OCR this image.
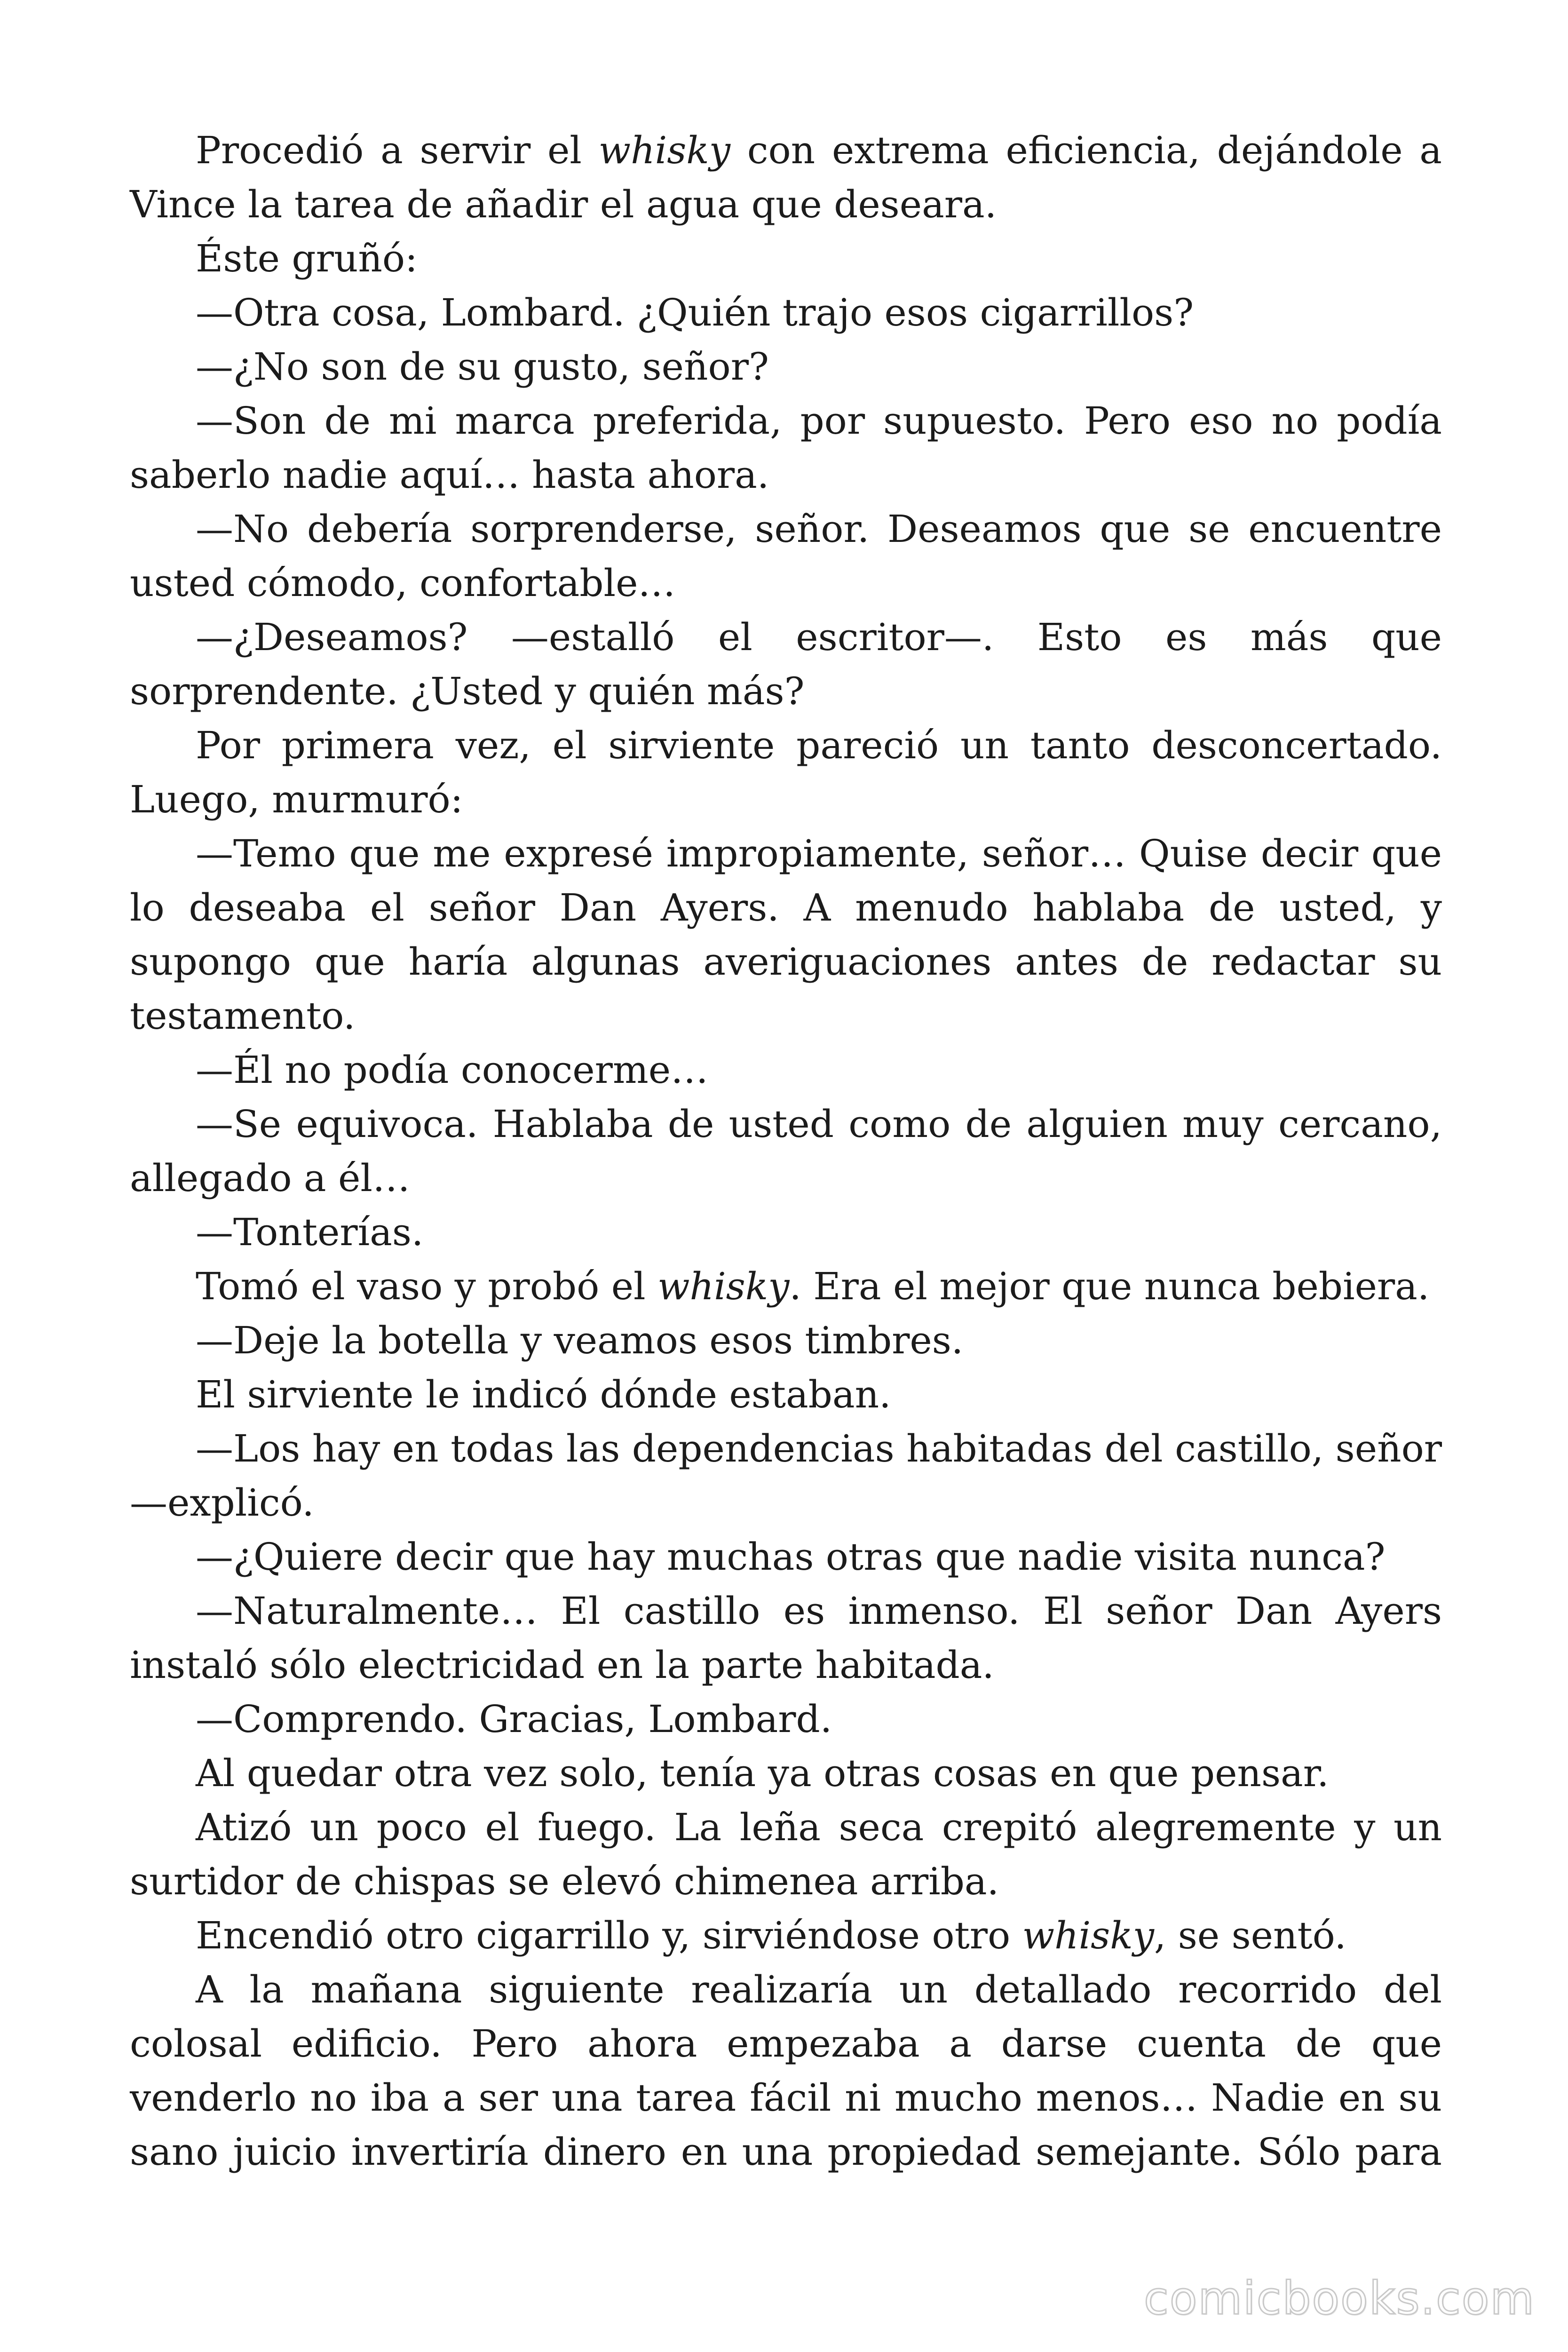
Procedió a servir el whisky con extrema eficiencia, dejándole a Vince la tarea de añadir el agua que deseara.

Éste gruñó:

—Otra cosa, Lombard. ¿Quién trajo esos cigarrillos?

—¿No son de su gusto, señor?

—Son de mi marca preferida, por supuesto. Pero eso no podía saberlo nadie aquí… hasta ahora.

—No debería sorprenderse, señor. Deseamos que se encuentre usted cómodo, confortable…

—¿Deseamos? —estalló el escritor—. Esto es más que sorprendente. ¿Usted y quién más?

Por primera vez, el sirviente pareció un tanto desconcertado. Luego, murmuró:

—Temo que me expresé impropiamente, señor… Quise decir que lo deseaba el señor Dan Ayers. A menudo hablaba de usted, y supongo que haría algunas averiguaciones antes de redactar su testamento.

—Él no podía conocerme…

—Se equivoca. Hablaba de usted como de alguien muy cercano, allegado a él…

—Tonterías.

Tomó el vaso y probó el whisky. Era el mejor que nunca bebiera.

—Deje la botella y veamos esos timbres.

El sirviente le indicó dónde estaban.

—Los hay en todas las dependencias habitadas del castillo, señor —explicó.

—¿Quiere decir que hay muchas otras que nadie visita nunca?

—Naturalmente… El castillo es inmenso. El señor Dan Ayers instaló sólo electricidad en la parte habitada.

—Comprendo. Gracias, Lombard.

Al quedar otra vez solo, tenía ya otras cosas en que pensar.

Atizó un poco el fuego. La leña seca crepitó alegremente y un surtidor de chispas se elevó chimenea arriba.

Encendió otro cigarrillo y, sirviéndose otro whisky, se sentó.

A la mañana siguiente realizaría un detallado recorrido del colosal edificio. Pero ahora empezaba a darse cuenta de que venderlo no iba a ser una tarea fácil ni mucho menos… Nadie en su sano juicio invertiría dinero en una propiedad semejante. Sólo para

comicbooks.com
